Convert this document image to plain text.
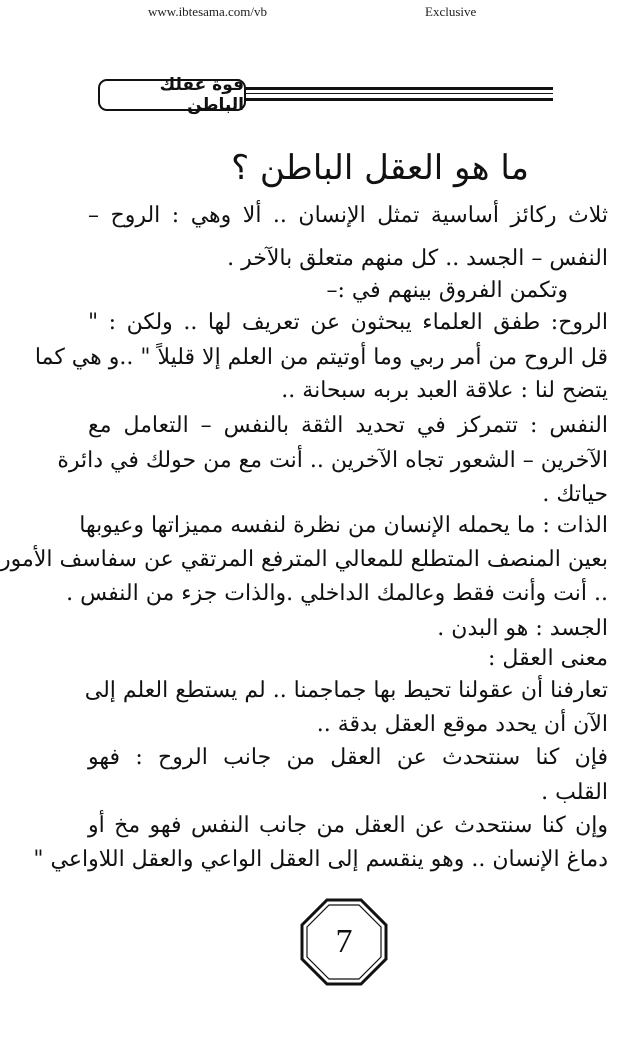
www.ibtesama.com/vb	Exclusive
قوة عقلك الباطن
ما هو العقل الباطن ؟
ثلاث ركائز أساسية تمثل الإنسان .. ألا وهي : الروح –
النفس – الجسد .. كل منهم متعلق بالآخر .
وتكمن الفروق بينهم في :–
الروح: طفق العلماء يبحثون عن تعريف لها .. ولكن : "
قل الروح من أمر ربي وما أوتيتم من العلم إلا قليلاً " ..و هي كما
يتضح لنا : علاقة العبد بربه سبحانة ..
النفس : تتمركز في تحديد الثقة بالنفس – التعامل مع
الآخرين – الشعور تجاه الآخرين .. أنت مع من حولك في دائرة
حياتك .
الذات : ما يحمله الإنسان من نظرة لنفسه مميزاتها وعيوبها
بعين المنصف المتطلع للمعالي المترفع المرتقي عن سفاسف الأمور
.. أنت وأنت فقط وعالمك الداخلي .والذات جزء من النفس .
الجسد : هو البدن .
معنى العقل :
تعارفنا أن عقولنا تحيط بها جماجمنا .. لم يستطع العلم إلى
الآن أن يحدد موقع العقل بدقة ..
فإن كنا سنتحدث عن العقل من جانب الروح : فهو
القلب .
وإن كنا سنتحدث عن العقل من جانب النفس فهو مخ أو
دماغ الإنسان .. وهو ينقسم إلى العقل الواعي والعقل اللاواعي "
7
